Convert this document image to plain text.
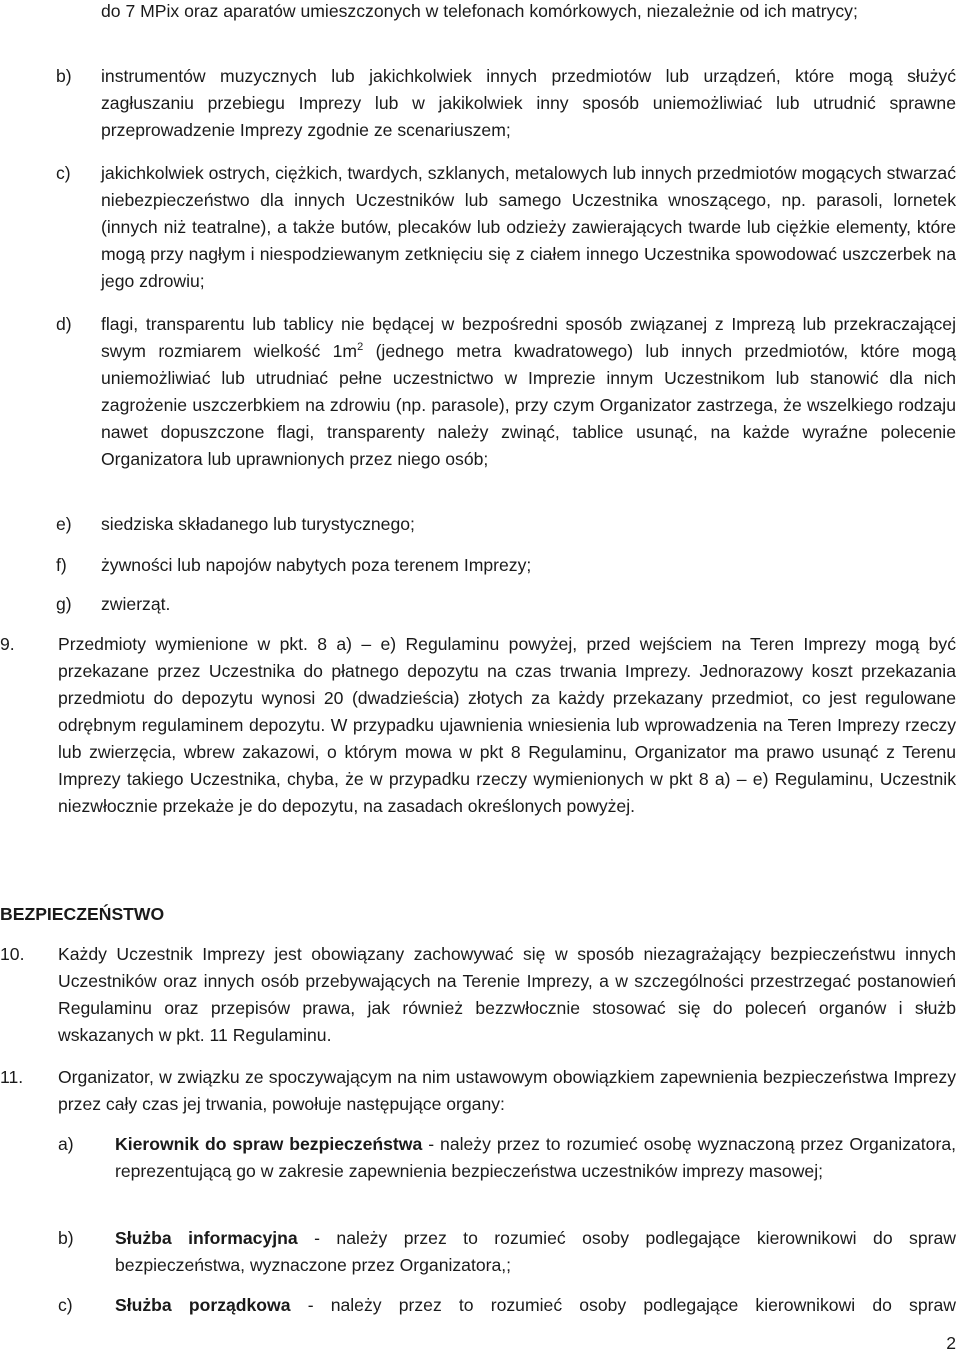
do 7 MPix oraz aparatów umieszczonych w telefonach komórkowych, niezależnie od ich matrycy;

b) instrumentów muzycznych lub jakichkolwiek innych przedmiotów lub urządzeń, które mogą służyć zagłuszaniu przebiegu Imprezy lub w jakikolwiek inny sposób uniemożliwiać lub utrudnić sprawne przeprowadzenie Imprezy zgodnie ze scenariuszem;

c) jakichkolwiek ostrych, ciężkich, twardych, szklanych, metalowych lub innych przedmiotów mogących stwarzać niebezpieczeństwo dla innych Uczestników lub samego Uczestnika wnoszącego, np. parasoli, lornetek (innych niż teatralne), a także butów, plecaków lub odzieży zawierających twarde lub ciężkie elementy, które mogą przy nagłym i niespodziewanym zetknięciu się z ciałem innego Uczestnika spowodować uszczerbek na jego zdrowiu;

d) flagi, transparentu lub tablicy nie będącej w bezpośredni sposób związanej z Imprezą lub przekraczającej swym rozmiarem wielkość $1m^2$ (jednego metra kwadratowego) lub innych przedmiotów, które mogą uniemożliwiać lub utrudniać pełne uczestnictwo w Imprezie innym Uczestnikom lub stanowić dla nich zagrożenie uszczerbkiem na zdrowiu (np. parasole), przy czym Organizator zastrzega, że wszelkiego rodzaju nawet dopuszczone flagi, transparenty należy zwinąć, tablice usunąć, na każde wyraźne polecenie Organizatora lub uprawnionych przez niego osób;

e) siedziska składanego lub turystycznego;

f) żywności lub napojów nabytych poza terenem Imprezy;

g) zwierząt.

9. Przedmioty wymienione w pkt. 8 a) – e) Regulaminu powyżej, przed wejściem na Teren Imprezy mogą być przekazane przez Uczestnika do płatnego depozytu na czas trwania Imprezy. Jednorazowy koszt przekazania przedmiotu do depozytu wynosi 20 (dwadzieścia) złotych za każdy przekazany przedmiot, co jest regulowane odrębnym regulaminem depozytu. W przypadku ujawnienia wniesienia lub wprowadzenia na Teren Imprezy rzeczy lub zwierzęcia, wbrew zakazowi, o którym mowa w pkt 8 Regulaminu, Organizator ma prawo usunąć z Terenu Imprezy takiego Uczestnika, chyba, że w przypadku rzeczy wymienionych w pkt 8 a) – e) Regulaminu, Uczestnik niezwłocznie przekaże je do depozytu, na zasadach określonych powyżej.

BEZPIECZEŃSTWO

10. Każdy Uczestnik Imprezy jest obowiązany zachowywać się w sposób niezagrażający bezpieczeństwu innych Uczestników oraz innych osób przebywających na Terenie Imprezy, a w szczególności przestrzegać postanowień Regulaminu oraz przepisów prawa, jak również bezzwłocznie stosować się do poleceń organów i służb wskazanych w pkt. 11 Regulaminu.

11. Organizator, w związku ze spoczywającym na nim ustawowym obowiązkiem zapewnienia bezpieczeństwa Imprezy przez cały czas jej trwania, powołuje następujące organy:

a) Kierownik do spraw bezpieczeństwa - należy przez to rozumieć osobę wyznaczoną przez Organizatora, reprezentującą go w zakresie zapewnienia bezpieczeństwa uczestników imprezy masowej;

b) Służba informacyjna - należy przez to rozumieć osoby podlegające kierownikowi do spraw bezpieczeństwa, wyznaczone przez Organizatora,;

c) Służba porządkowa - należy przez to rozumieć osoby podlegające kierownikowi do spraw

2
